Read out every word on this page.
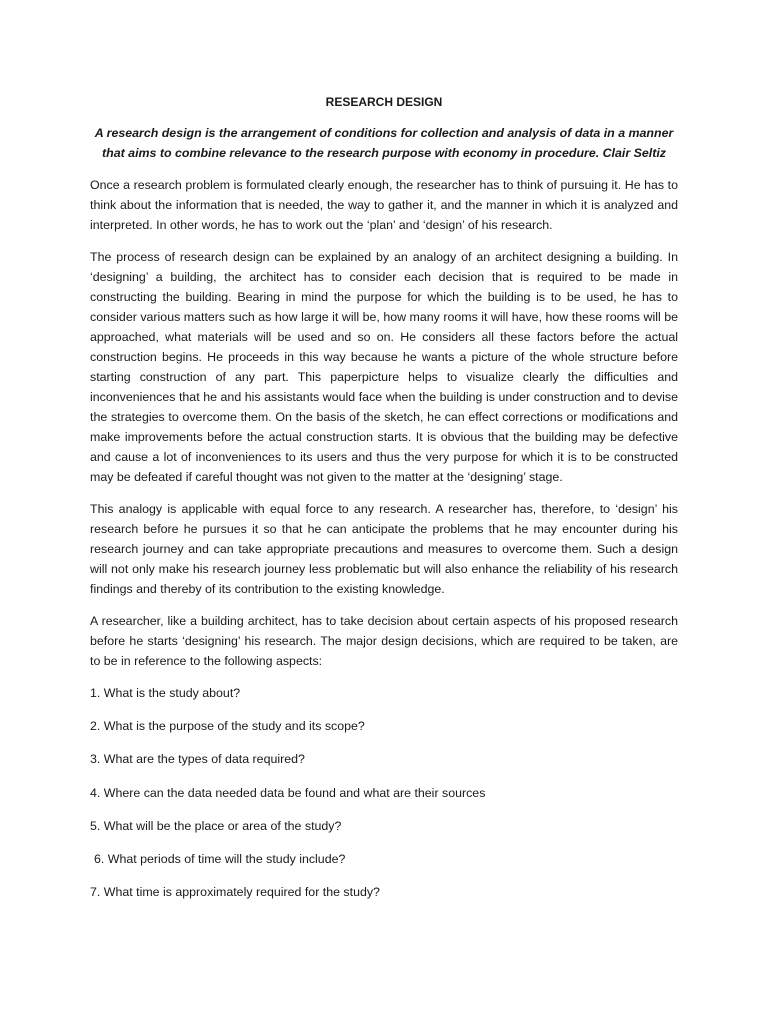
RESEARCH DESIGN
A research design is the arrangement of conditions for collection and analysis of data in a manner that aims to combine relevance to the research purpose with economy in procedure. Clair Seltiz

Once a research problem is formulated clearly enough, the researcher has to think of pursuing it. He has to think about the information that is needed, the way to gather it, and the manner in which it is analyzed and interpreted. In other words, he has to work out the ‘plan’ and ‘design’ of his research.

The process of research design can be explained by an analogy of an architect designing a building. In ‘designing’ a building, the architect has to consider each decision that is required to be made in constructing the building. Bearing in mind the purpose for which the building is to be used, he has to consider various matters such as how large it will be, how many rooms it will have, how these rooms will be approached, what materials will be used and so on. He considers all these factors before the actual construction begins. He proceeds in this way because he wants a picture of the whole structure before starting construction of any part. This paperpicture helps to visualize clearly the difficulties and inconveniences that he and his assistants would face when the building is under construction and to devise the strategies to overcome them. On the basis of the sketch, he can effect corrections or modifications and make improvements before the actual construction starts. It is obvious that the building may be defective and cause a lot of inconveniences to its users and thus the very purpose for which it is to be constructed may be defeated if careful thought was not given to the matter at the ‘designing’ stage.

This analogy is applicable with equal force to any research. A researcher has, therefore, to ‘design’ his research before he pursues it so that he can anticipate the problems that he may encounter during his research journey and can take appropriate precautions and measures to overcome them. Such a design will not only make his research journey less problematic but will also enhance the reliability of his research findings and thereby of its contribution to the existing knowledge.

A researcher, like a building architect, has to take decision about certain aspects of his proposed research before he starts ‘designing’ his research. The major design decisions, which are required to be taken, are to be in reference to the following aspects:

1. What is the study about?
2. What is the purpose of the study and its scope?
3. What are the types of data required?
4. Where can the data needed data be found and what are their sources
5. What will be the place or area of the study?
6. What periods of time will the study include?
7. What time is approximately required for the study?
